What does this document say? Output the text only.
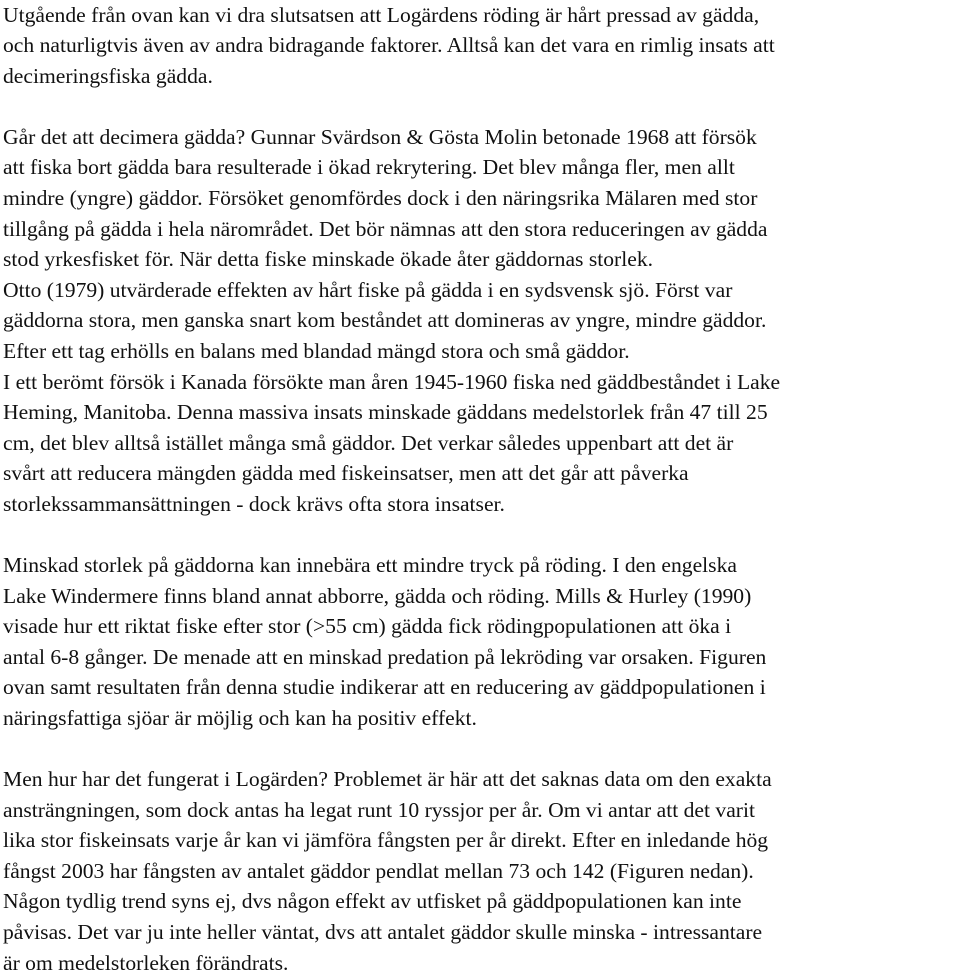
Utgående från ovan kan vi dra slutsatsen att Logärdens röding är hårt pressad av gädda,
och naturligtvis även av andra bidragande faktorer. Alltså kan det vara en rimlig insats att
decimeringsfiska gädda.

Går det att decimera gädda? Gunnar Svärdson & Gösta Molin betonade 1968 att försök
att fiska bort gädda bara resulterade i ökad rekrytering. Det blev många fler, men allt
mindre (yngre) gäddor. Försöket genomfördes dock i den näringsrika Mälaren med stor
tillgång på gädda i hela närområdet. Det bör nämnas att den stora reduceringen av gädda
stod yrkesfisket för. När detta fiske minskade ökade åter gäddornas storlek.
Otto (1979) utvärderade effekten av hårt fiske på gädda i en sydsvensk sjö. Först var
gäddorna stora, men ganska snart kom beståndet att domineras av yngre, mindre gäddor.
Efter ett tag erhölls en balans med blandad mängd stora och små gäddor.
I ett berömt försök i Kanada försökte man åren 1945-1960 fiska ned gäddbeståndet i Lake
Heming, Manitoba. Denna massiva insats minskade gäddans medelstorlek från 47 till 25
cm, det blev alltså istället många små gäddor. Det verkar således uppenbart att det är
svårt att reducera mängden gädda med fiskeinsatser, men att det går att påverka
storlekssammansättningen - dock krävs ofta stora insatser.

Minskad storlek på gäddorna kan innebära ett mindre tryck på röding. I den engelska
Lake Windermere finns bland annat abborre, gädda och röding. Mills & Hurley (1990)
visade hur ett riktat fiske efter stor (>55 cm) gädda fick rödingpopulationen att öka i
antal 6-8 gånger. De menade att en minskad predation på lekröding var orsaken. Figuren
ovan samt resultaten från denna studie indikerar att en reducering av gäddpopulationen i
näringsfattiga sjöar är möjlig och kan ha positiv effekt.

Men hur har det fungerat i Logärden? Problemet är här att det saknas data om den exakta
ansträngningen, som dock antas ha legat runt 10 ryssjor per år. Om vi antar att det varit
lika stor fiskeinsats varje år kan vi jämföra fångsten per år direkt. Efter en inledande hög
fångst 2003 har fångsten av antalet gäddor pendlat mellan 73 och 142 (Figuren nedan).
Någon tydlig trend syns ej, dvs någon effekt av utfisket på gäddpopulationen kan inte
påvisas. Det var ju inte heller väntat, dvs att antalet gäddor skulle minska - intressantare
är om medelstorleken förändrats.
